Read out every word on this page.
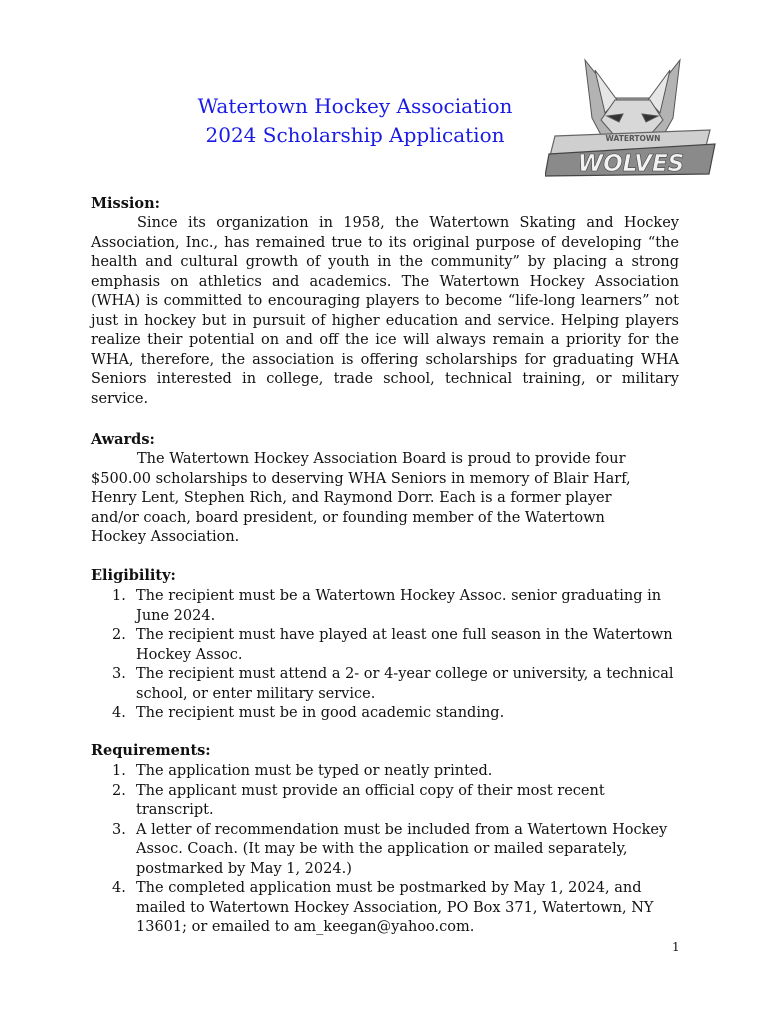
Watertown Hockey Association
2024 Scholarship Application	WATERTOWN
WOLVES
Mission:

Since its organization in 1958, the Watertown Skating and Hockey Association, Inc., has remained true to its original purpose of developing “the health and cultural growth of youth in the community” by placing a strong emphasis on athletics and academics. The Watertown Hockey Association (WHA) is committed to encouraging players to become “life-long learners” not just in hockey but in pursuit of higher education and service. Helping players realize their potential on and off the ice will always remain a priority for the WHA, therefore, the association is offering scholarships for graduating WHA Seniors interested in college, trade school, technical training, or military service.

Awards:

The Watertown Hockey Association Board is proud to provide four $500.00 scholarships to deserving WHA Seniors in memory of Blair Harf, Henry Lent, Stephen Rich, and Raymond Dorr. Each is a former player and/or coach, board president, or founding member of the Watertown Hockey Association.

Eligibility:
1. The recipient must be a Watertown Hockey Assoc. senior graduating in June 2024.
2. The recipient must have played at least one full season in the Watertown Hockey Assoc.
3. The recipient must attend a 2- or 4-year college or university, a technical school, or enter military service.
4. The recipient must be in good academic standing.
Requirements:
1. The application must be typed or neatly printed.
2. The applicant must provide an official copy of their most recent transcript.
3. A letter of recommendation must be included from a Watertown Hockey Assoc. Coach. (It may be with the application or mailed separately, postmarked by May 1, 2024.)
4. The completed application must be postmarked by May 1, 2024, and mailed to Watertown Hockey Association, PO Box 371, Watertown, NY 13601; or emailed to am_keegan@yahoo.com.
1
